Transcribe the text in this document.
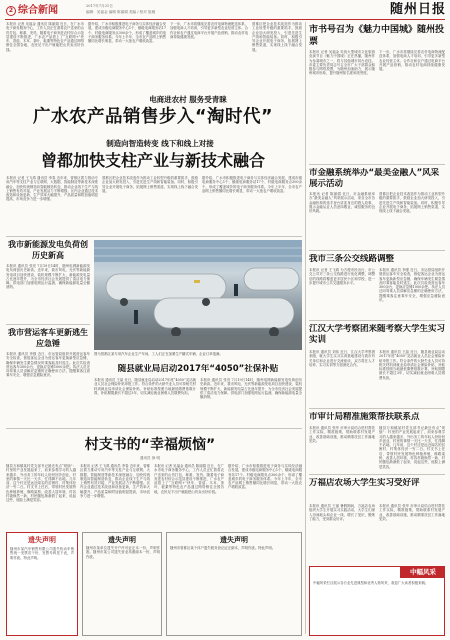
2 综合新闻	2017年7月21日
编辑：吴福金 编辑 陈丽娟 美编 / 校对 组稿	随州日报
本报讯 记者 吴福金 通讯员 陈丽娟 近日，在广水市电子商务服务中心，工作人员正忙着将农户送来的山货打包、称重、发货。随着电子商务进农村综合示范县建设不断推进，广水农产品搭上了“互联网+”快车，香菇、木耳、茶叶、板栗等特色农产品通过网络销往全国各地，农民足不出户就能把山货卖出好价钱。
据介绍，广水市积极推进电子商务与实体经济融合发展，建成市级电商服务中心1个、镇级电商服务站17个、村级电商服务点300余个，形成了覆盖城乡的电子商务服务体系。今年上半年，全市农产品网上销售额同比增长明显，带动一大批农户增收致富。
下一步，广水市将继续完善农村电商物流配送体系，加强电商人才培训，引导更多新型农业经营主体、合作社和农户通过电商平台开展产品营销，推动农村电商持续健康发展。
曾都区把企业技术改造作为推动工业转型升级的重要抓手，鼓励企业加大研发投入，引进先进生产线和智能装备。同时，积极引导企业开展电子商务，拓展网上销售渠道，实现线上线下融合发展。
电商进农村 服务受青睐
广水农产品销售步入“淘时代”
制造向智造转变 线下和线上对接
曾都加快支柱产业与新技术融合
本报讯 记者 王飞鸿 通讯员 李春 近年来，曾都区着力推动专用汽车等支柱产业与互联网、大数据、智能制造等新技术深度融合，加快传统制造向智能制造转变，推动企业线下生产与线上销售有效对接，产业发展活力不断增强。区内企业通过技术改造和设备更新，生产效率大幅提升，产品质量和附加值明显提高，市场竞争力进一步增强。
曾都区把企业技术改造作为推动工业转型升级的重要抓手，鼓励企业加大研发投入，引进先进生产线和智能装备。同时，积极引导企业开展电子商务，拓展网上销售渠道，实现线上线下融合发展。
据介绍，广水市积极推进电子商务与实体经济融合发展，建成市级电商服务中心1个、镇级电商服务站17个、村级电商服务点300余个，形成了覆盖城乡的电子商务服务体系。今年上半年，全市农产品网上销售额同比增长明显，带动一大批农户增收致富。
我市新能源发电负荷创历史新高
本报讯 通讯员 张亮 7月19日14时，随州电网新能源发电负荷创历史新高。近年来，我市风电、光伏等新能源发电项目加快建设，装机规模不断扩大，新能源发电量占比逐年提升，为全市经济社会发展提供了清洁电力保障。供电部门加强电网运行监测，确保新能源电量全额消纳。
我市营运客车更新逃生应急锤
本报讯 通讯员 李强 近日，市运管局组织开展营运客车安全检查，督促客运企业为营运客车更换新型应急锤，确保车辆发生紧急情况时乘客能及时逃生。此次共检查营运客车300余台，更换应急锤1000余把。执法人员还向驾乘人员讲解应急锤的正确使用方法，提醒乘客注意乘车安全，增强应急避险意识。
图为曾都区某专用汽车企业生产车间，工人们正在加紧生产罐式车辆，企业订单饱满。
随县就业局启动2017年“4050”社保补贴
本报讯 通讯员 王晶 近日，随县就业局启动2017年度“4050”灵活就业人员社会保险补贴申报工作。符合条件的大龄失业人员可持相关材料到就业局申请社会保险补贴，补贴标准按照当地最低缴费基数计算，补贴期限最长不超过3年，切实减轻就业困难人员缴费负担。
本报讯 通讯员 张亮 7月19日14时，随州电网新能源发电负荷创历史新高。近年来，我市风电、光伏等新能源发电项目加快建设，装机规模不断扩大，新能源发电量占比逐年提升，为全市经济社会发展提供了清洁电力保障。供电部门加强电网运行监测，确保新能源电量全额消纳。
村支书的“幸福烦恼”
通讯员 徐 明
随县万和镇某村党支部书记最近有点“烦恼”：村里的产业发展起来了，前来参观学习的人越来越多，外出务工的年轻人纷纷回乡创业，村里的事情一天比一天多，忙得脚不沾地。几年前，这个村还是远近闻名的贫困村，村集体经济一穷二白。村支书上任后，带领村民发展特色种植养殖，修路架桥，改善人居环境，村容村貌焕然一新，村民腰包渐渐鼓了起来，说起这些，他脸上满是笑容。
本报讯 记者 王飞鸿 通讯员 李春 近年来，曾都区着力推动专用汽车等支柱产业与互联网、大数据、智能制造等新技术深度融合，加快传统制造向智能制造转变，推动企业线下生产与线上销售有效对接，产业发展活力不断增强。区内企业通过技术改造和设备更新，生产效率大幅提升，产品质量和附加值明显提高，市场竞争力进一步增强。
本报讯 记者 吴福金 通讯员 陈丽娟 近日，在广水市电子商务服务中心，工作人员正忙着将农户送来的山货打包、称重、发货。随着电子商务进农村综合示范县建设不断推进，广水农产品搭上了“互联网+”快车，香菇、木耳、茶叶、板栗等特色农产品通过网络销往全国各地，农民足不出户就能把山货卖出好价钱。
据介绍，广水市积极推进电子商务与实体经济融合发展，建成市级电商服务中心1个、镇级电商服务站17个、村级电商服务点300余个，形成了覆盖城乡的电子商务服务体系。今年上半年，全市农产品网上销售额同比增长明显，带动一大批农户增收致富。
遗失声明
随州市某汽车销售有限公司遗失机动车销售统一发票若干份，发票号码见下表，声明作废。特此声明。
遗失声明
随州市某单位遗失开户许可证正本一份，声明作废。随州市某公司遗失营业执照副本一份，声明作废。
遗失声明
随州市曾都区某个体户遗失税务登记证正副本，声明作废。特此声明。
市书号召为《魅力中国城》随州投票
本报讯 记者 吴福金 央视大型城市文化旅游竞演节目《魅力中国城》正在热播，随州作为参赛城市之一，将与其他城市同台竞技。市委主要负责同志号召全市广大干部群众积极参与网络投票，为随州加油助力，展示随州城市形象，提升随州知名度和美誉度。
下一步，广水市将继续完善农村电商物流配送体系，加强电商人才培训，引导更多新型农业经营主体、合作社和农户通过电商平台开展产品营销，推动农村电商持续健康发展。
市金融系统举办“最美金融人”风采展示活动
本报讯 记者 陈丽娟 近日，市金融系统举办“最美金融人”风采展示活动，来自全市各金融机构的选手登台讲述身边的感人故事，展示金融从业人员爱岗敬业、诚信服务的良好风貌。
曾都区把企业技术改造作为推动工业转型升级的重要抓手，鼓励企业加大研发投入，引进先进生产线和智能装备。同时，积极引导企业开展电子商务，拓展网上销售渠道，实现线上线下融合发展。
我市三条公交线路调整
本报讯 记者 王飞鸿 为方便市民出行，市公交公司对三条公交线路进行优化调整，调整后的线路将覆盖更多居民小区和学校，进一步提升城市公共交通服务水平。
本报讯 通讯员 李强 近日，市运管局组织开展营运客车安全检查，督促客运企业为营运客车更换新型应急锤，确保车辆发生紧急情况时乘客能及时逃生。此次共检查营运客车300余台，更换应急锤1000余把。执法人员还向驾乘人员讲解应急锤的正确使用方法，提醒乘客注意乘车安全，增强应急避险意识。
江汉大学考察团来随考察大学生实习实训
本报讯 通讯员 刘伟 近日，江汉大学考察团来随，就大学生实习实训基地建设与我市有关单位和企业进行交流座谈，双方将在人才培养、实习实训等方面深化合作。
本报讯 通讯员 王晶 近日，随县就业局启动2017年度“4050”灵活就业人员社会保险补贴申报工作。符合条件的大龄失业人员可持相关材料到就业局申请社会保险补贴，补贴标准按照当地最低缴费基数计算，补贴期限最长不超过3年，切实减轻就业困难人员缴费负担。
市审计局精准施策帮扶联系点
本报讯 通讯员 张华 市审计局结合驻村帮扶工作实际，精准施策，帮助联系村发展产业、改善基础设施，推动精准扶贫工作落地见效。
随县万和镇某村党支部书记最近有点“烦恼”：村里的产业发展起来了，前来参观学习的人越来越多，外出务工的年轻人纷纷回乡创业，村里的事情一天比一天多，忙得脚不沾地。几年前，这个村还是远近闻名的贫困村，村集体经济一穷二白。村支书上任后，带领村民发展特色种植养殖，修路架桥，改善人居环境，村容村貌焕然一新，村民腰包渐渐鼓了起来，说起这些，他脸上满是笑容。
万福店农场大学生实习受好评
本报讯 通讯员 王丽 暑假期间，万福店农场组织大学生开展实习实践活动，大学生们深入田间地头和企业一线，增长了见识，锻炼了能力，受到群众好评。
本报讯 通讯员 张华 市审计局结合驻村帮扶工作实际，精准施策，帮助联系村发展产业、改善基础设施，推动精准扶贫工作落地见效。
中幅风采
中幅风采栏目展示各行业先进典型和优秀人物风采，欢迎广大读者积极来稿。
